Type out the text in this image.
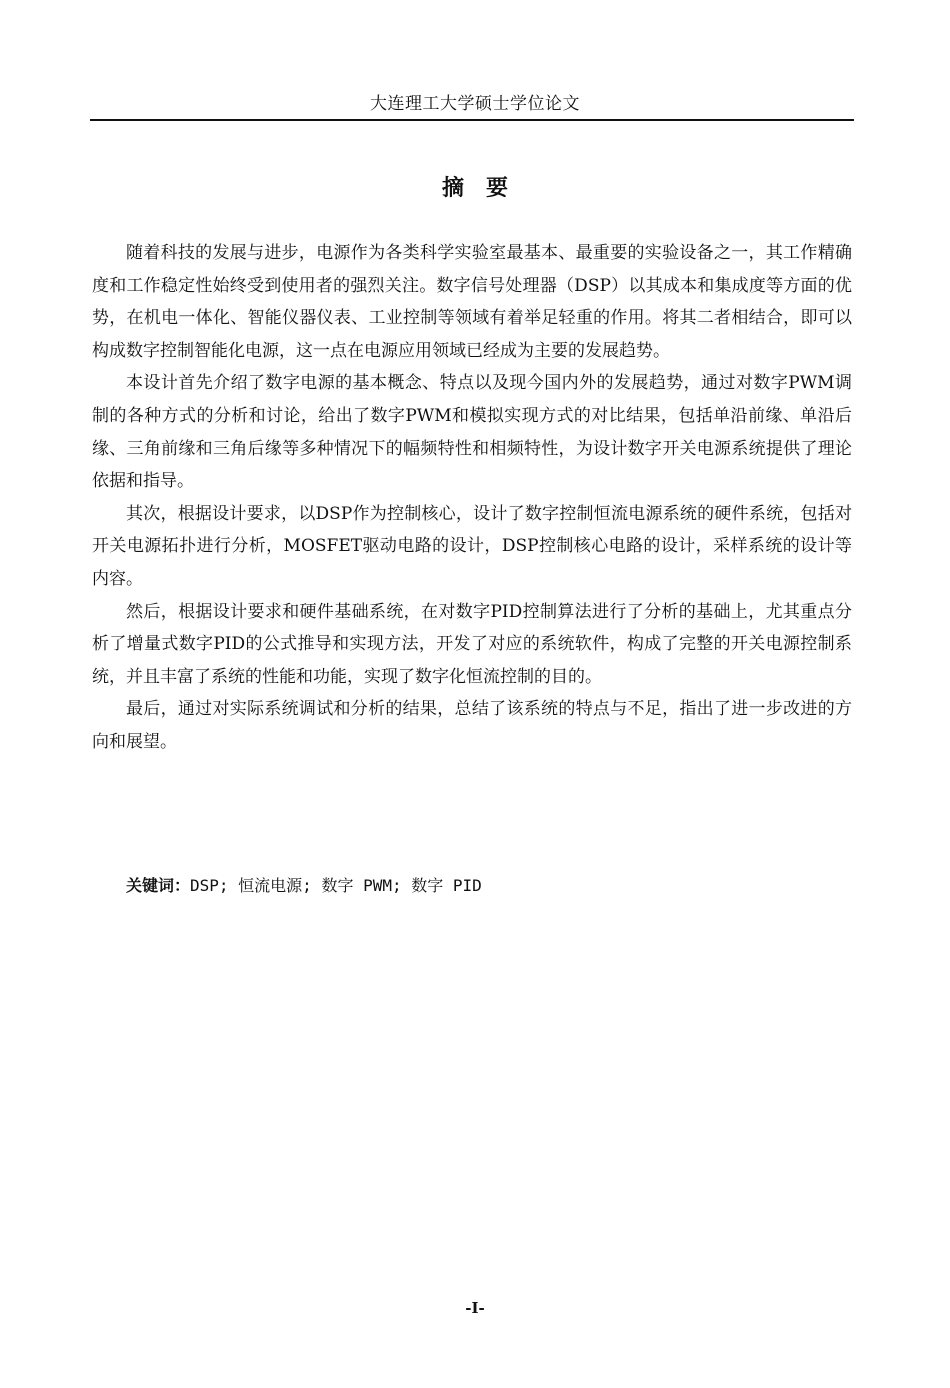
大连理工大学硕士学位论文
摘　要

随着科技的发展与进步，电源作为各类科学实验室最基本、最重要的实验设备之一，其工作精确度和工作稳定性始终受到使用者的强烈关注。数字信号处理器（DSP）以其成本和集成度等方面的优势，在机电一体化、智能仪器仪表、工业控制等领域有着举足轻重的作用。将其二者相结合，即可以构成数字控制智能化电源，这一点在电源应用领域已经成为主要的发展趋势。

本设计首先介绍了数字电源的基本概念、特点以及现今国内外的发展趋势，通过对数字PWM调制的各种方式的分析和讨论，给出了数字PWM和模拟实现方式的对比结果，包括单沿前缘、单沿后缘、三角前缘和三角后缘等多种情况下的幅频特性和相频特性，为设计数字开关电源系统提供了理论依据和指导。

其次，根据设计要求，以DSP作为控制核心，设计了数字控制恒流电源系统的硬件系统，包括对开关电源拓扑进行分析，MOSFET驱动电路的设计，DSP控制核心电路的设计，采样系统的设计等内容。

然后，根据设计要求和硬件基础系统，在对数字PID控制算法进行了分析的基础上，尤其重点分析了增量式数字PID的公式推导和实现方法，开发了对应的系统软件，构成了完整的开关电源控制系统，并且丰富了系统的性能和功能，实现了数字化恒流控制的目的。

最后，通过对实际系统调试和分析的结果，总结了该系统的特点与不足，指出了进一步改进的方向和展望。

关键词：DSP; 恒流电源; 数字 PWM; 数字 PID
-I-
